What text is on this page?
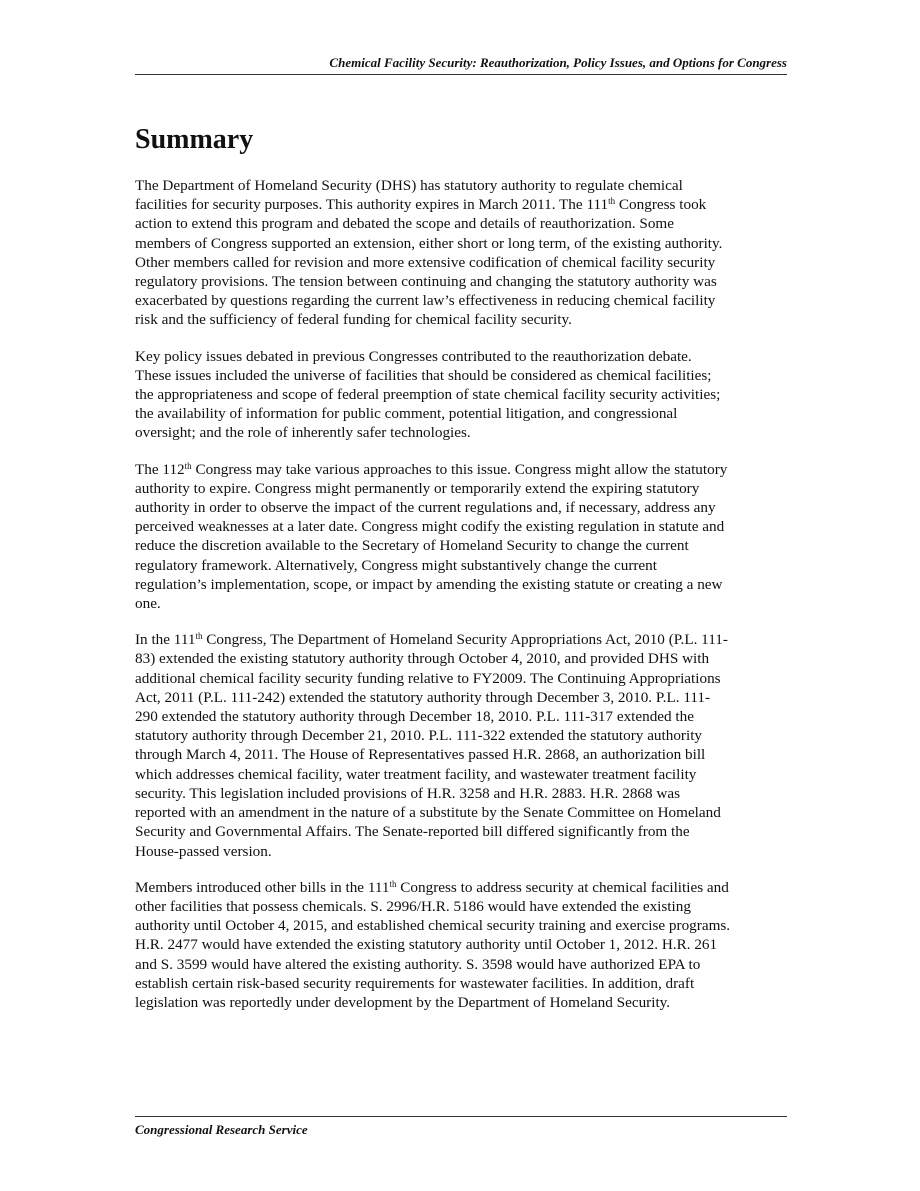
Chemical Facility Security: Reauthorization, Policy Issues, and Options for Congress
Summary

The Department of Homeland Security (DHS) has statutory authority to regulate chemical
facilities for security purposes. This authority expires in March 2011. The 111th Congress took
action to extend this program and debated the scope and details of reauthorization. Some
members of Congress supported an extension, either short or long term, of the existing authority.
Other members called for revision and more extensive codification of chemical facility security
regulatory provisions. The tension between continuing and changing the statutory authority was
exacerbated by questions regarding the current law’s effectiveness in reducing chemical facility
risk and the sufficiency of federal funding for chemical facility security.

Key policy issues debated in previous Congresses contributed to the reauthorization debate.
These issues included the universe of facilities that should be considered as chemical facilities;
the appropriateness and scope of federal preemption of state chemical facility security activities;
the availability of information for public comment, potential litigation, and congressional
oversight; and the role of inherently safer technologies.

The 112th Congress may take various approaches to this issue. Congress might allow the statutory
authority to expire. Congress might permanently or temporarily extend the expiring statutory
authority in order to observe the impact of the current regulations and, if necessary, address any
perceived weaknesses at a later date. Congress might codify the existing regulation in statute and
reduce the discretion available to the Secretary of Homeland Security to change the current
regulatory framework. Alternatively, Congress might substantively change the current
regulation’s implementation, scope, or impact by amending the existing statute or creating a new
one.

In the 111th Congress, The Department of Homeland Security Appropriations Act, 2010 (P.L. 111-
83) extended the existing statutory authority through October 4, 2010, and provided DHS with
additional chemical facility security funding relative to FY2009. The Continuing Appropriations
Act, 2011 (P.L. 111-242) extended the statutory authority through December 3, 2010. P.L. 111-
290 extended the statutory authority through December 18, 2010. P.L. 111-317 extended the
statutory authority through December 21, 2010. P.L. 111-322 extended the statutory authority
through March 4, 2011. The House of Representatives passed H.R. 2868, an authorization bill
which addresses chemical facility, water treatment facility, and wastewater treatment facility
security. This legislation included provisions of H.R. 3258 and H.R. 2883. H.R. 2868 was
reported with an amendment in the nature of a substitute by the Senate Committee on Homeland
Security and Governmental Affairs. The Senate-reported bill differed significantly from the
House-passed version.

Members introduced other bills in the 111th Congress to address security at chemical facilities and
other facilities that possess chemicals. S. 2996/H.R. 5186 would have extended the existing
authority until October 4, 2015, and established chemical security training and exercise programs.
H.R. 2477 would have extended the existing statutory authority until October 1, 2012. H.R. 261
and S. 3599 would have altered the existing authority. S. 3598 would have authorized EPA to
establish certain risk-based security requirements for wastewater facilities. In addition, draft
legislation was reportedly under development by the Department of Homeland Security.

Congressional Research Service
